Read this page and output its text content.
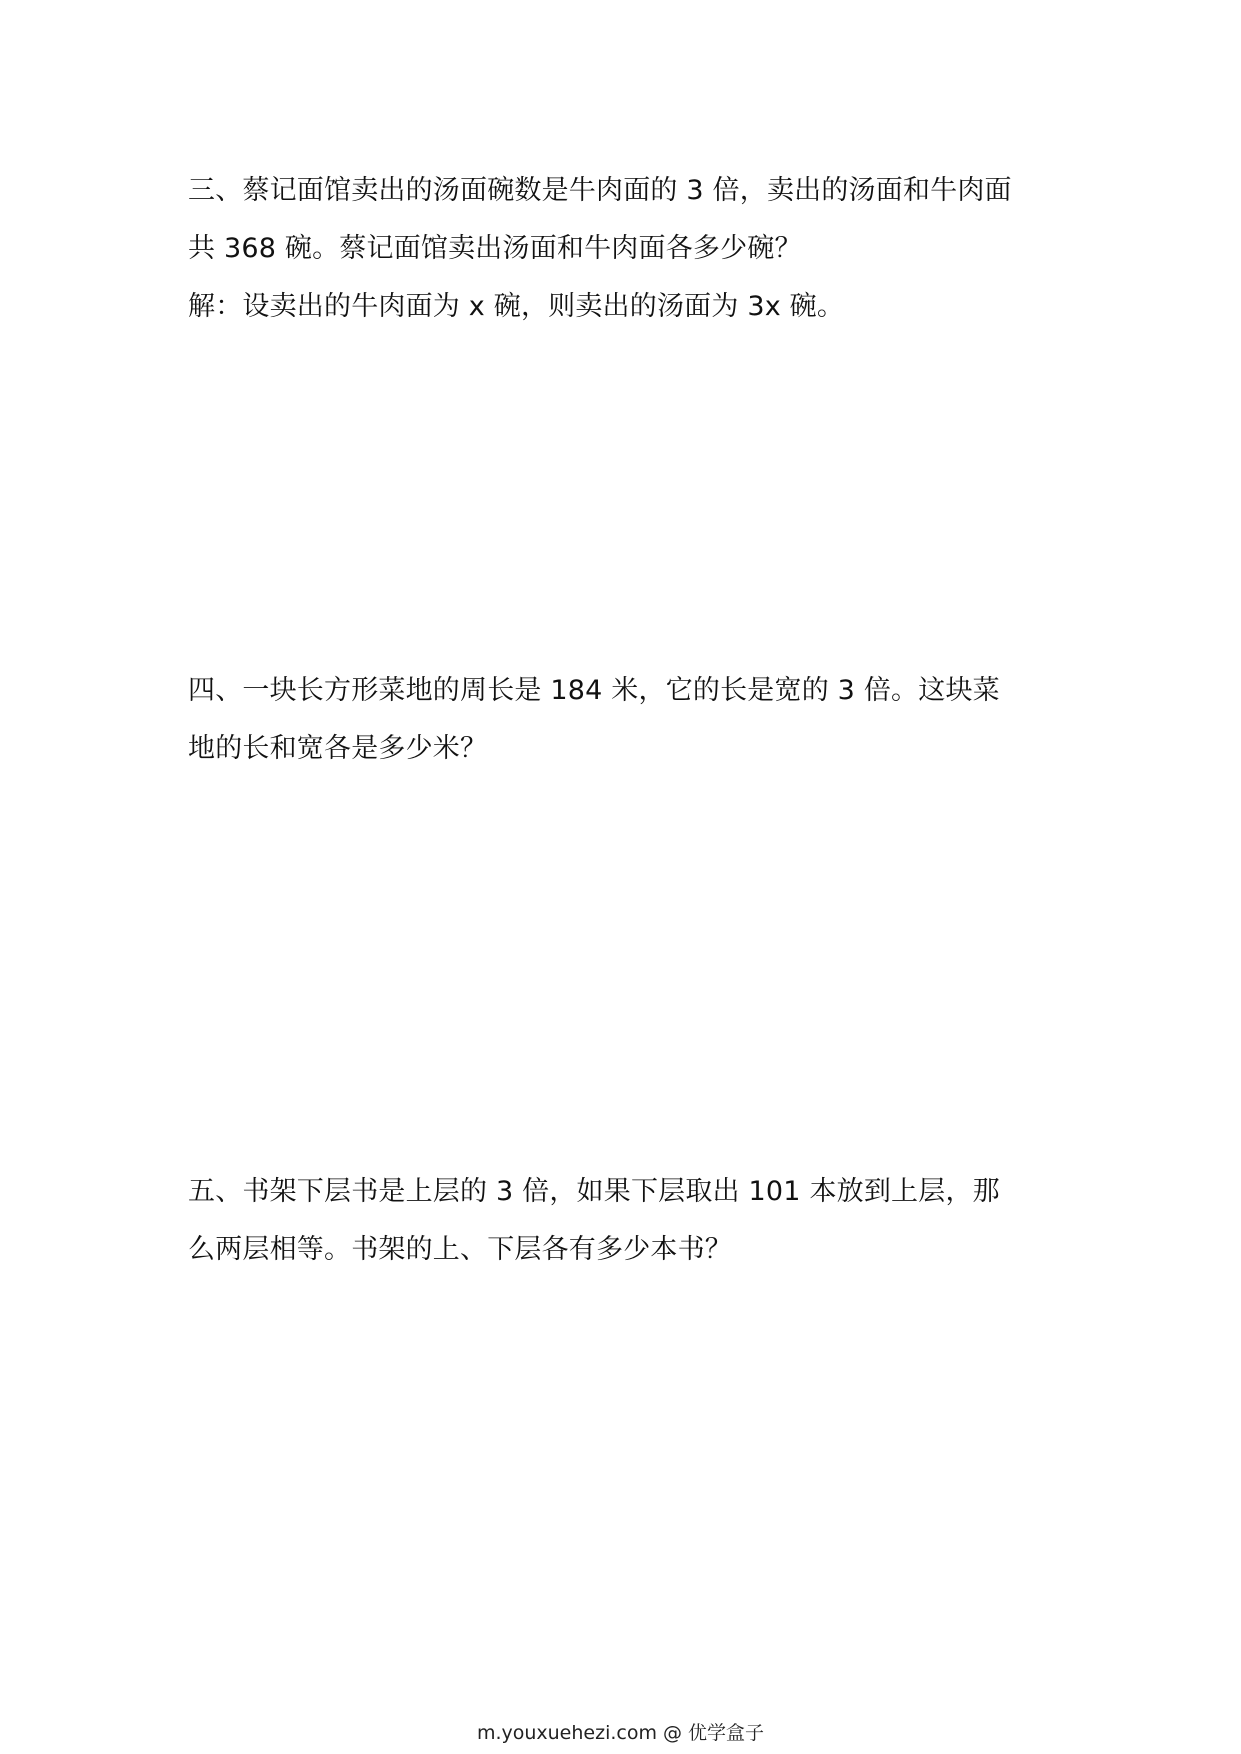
三、蔡记面馆卖出的汤面碗数是牛肉面的 3 倍，卖出的汤面和牛肉面

共 368 碗。蔡记面馆卖出汤面和牛肉面各多少碗？

解：设卖出的牛肉面为 x 碗，则卖出的汤面为 3x 碗。

四、一块长方形菜地的周长是 184 米，它的长是宽的 3 倍。这块菜

地的长和宽各是多少米？

五、书架下层书是上层的 3 倍，如果下层取出 101 本放到上层，那

么两层相等。书架的上、下层各有多少本书？

m.youxuehezi.com @ 优学盒子
